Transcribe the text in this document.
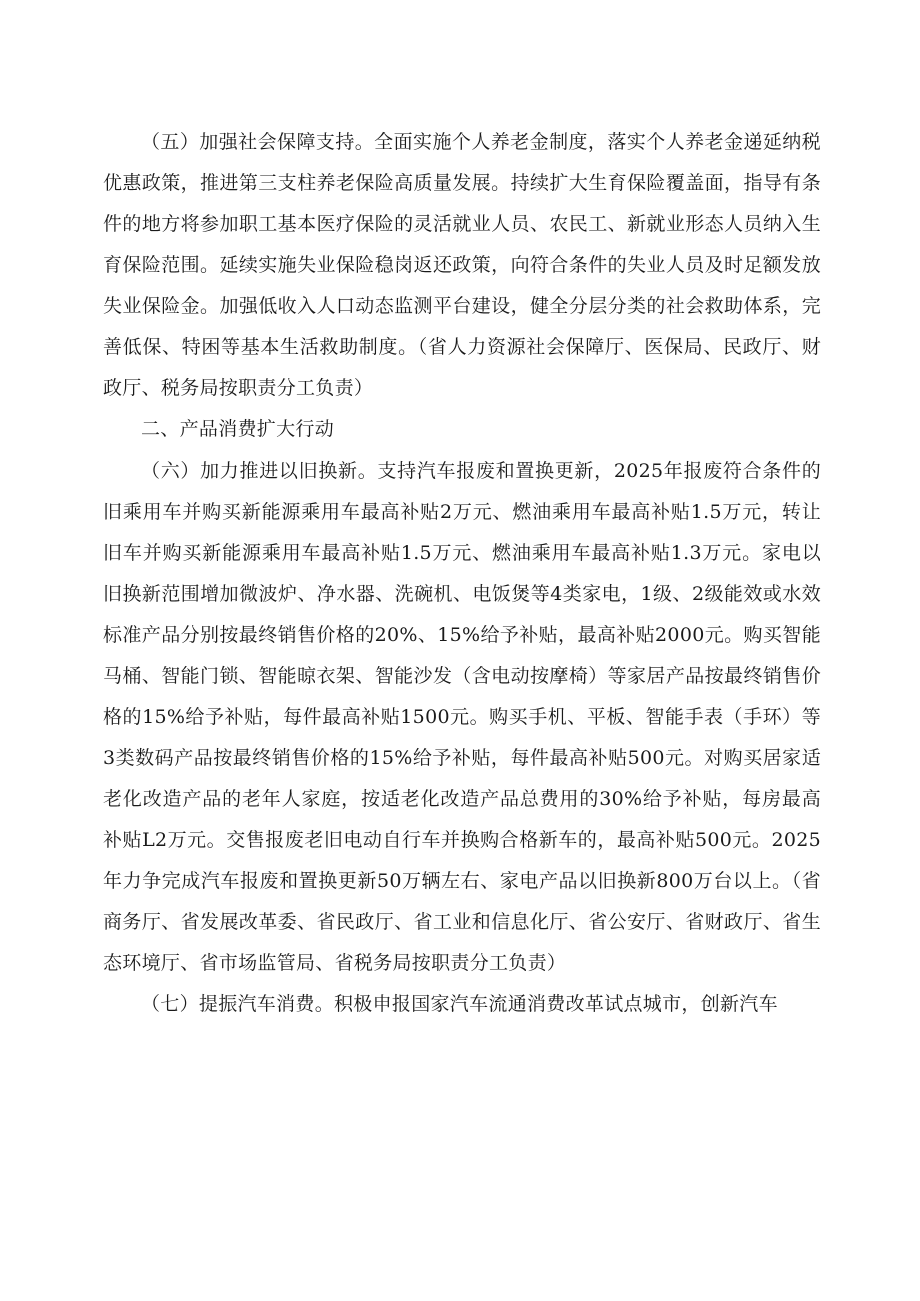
（五）加强社会保障支持。全面实施个人养老金制度，落实个人养老金递延纳税优惠政策，推进第三支柱养老保险高质量发展。持续扩大生育保险覆盖面，指导有条件的地方将参加职工基本医疗保险的灵活就业人员、农民工、新就业形态人员纳入生育保险范围。延续实施失业保险稳岗返还政策，向符合条件的失业人员及时足额发放失业保险金。加强低收入人口动态监测平台建设，健全分层分类的社会救助体系，完善低保、特困等基本生活救助制度。（省人力资源社会保障厅、医保局、民政厅、财政厅、税务局按职责分工负责）

二、产品消费扩大行动

（六）加力推进以旧换新。支持汽车报废和置换更新，2025年报废符合条件的旧乘用车并购买新能源乘用车最高补贴2万元、燃油乘用车最高补贴1.5万元，转让旧车并购买新能源乘用车最高补贴1.5万元、燃油乘用车最高补贴1.3万元。家电以旧换新范围增加微波炉、净水器、洗碗机、电饭煲等4类家电，1级、2级能效或水效标准产品分别按最终销售价格的20%、15%给予补贴，最高补贴2000元。购买智能马桶、智能门锁、智能晾衣架、智能沙发（含电动按摩椅）等家居产品按最终销售价格的15%给予补贴，每件最高补贴1500元。购买手机、平板、智能手表（手环）等3类数码产品按最终销售价格的15%给予补贴，每件最高补贴500元。对购买居家适老化改造产品的老年人家庭，按适老化改造产品总费用的30%给予补贴，每房最高补贴L2万元。交售报废老旧电动自行车并换购合格新车的，最高补贴500元。2025年力争完成汽车报废和置换更新50万辆左右、家电产品以旧换新800万台以上。（省商务厅、省发展改革委、省民政厅、省工业和信息化厅、省公安厅、省财政厅、省生态环境厅、省市场监管局、省税务局按职责分工负责）

（七）提振汽车消费。积极申报国家汽车流通消费改革试点城市，创新汽车
